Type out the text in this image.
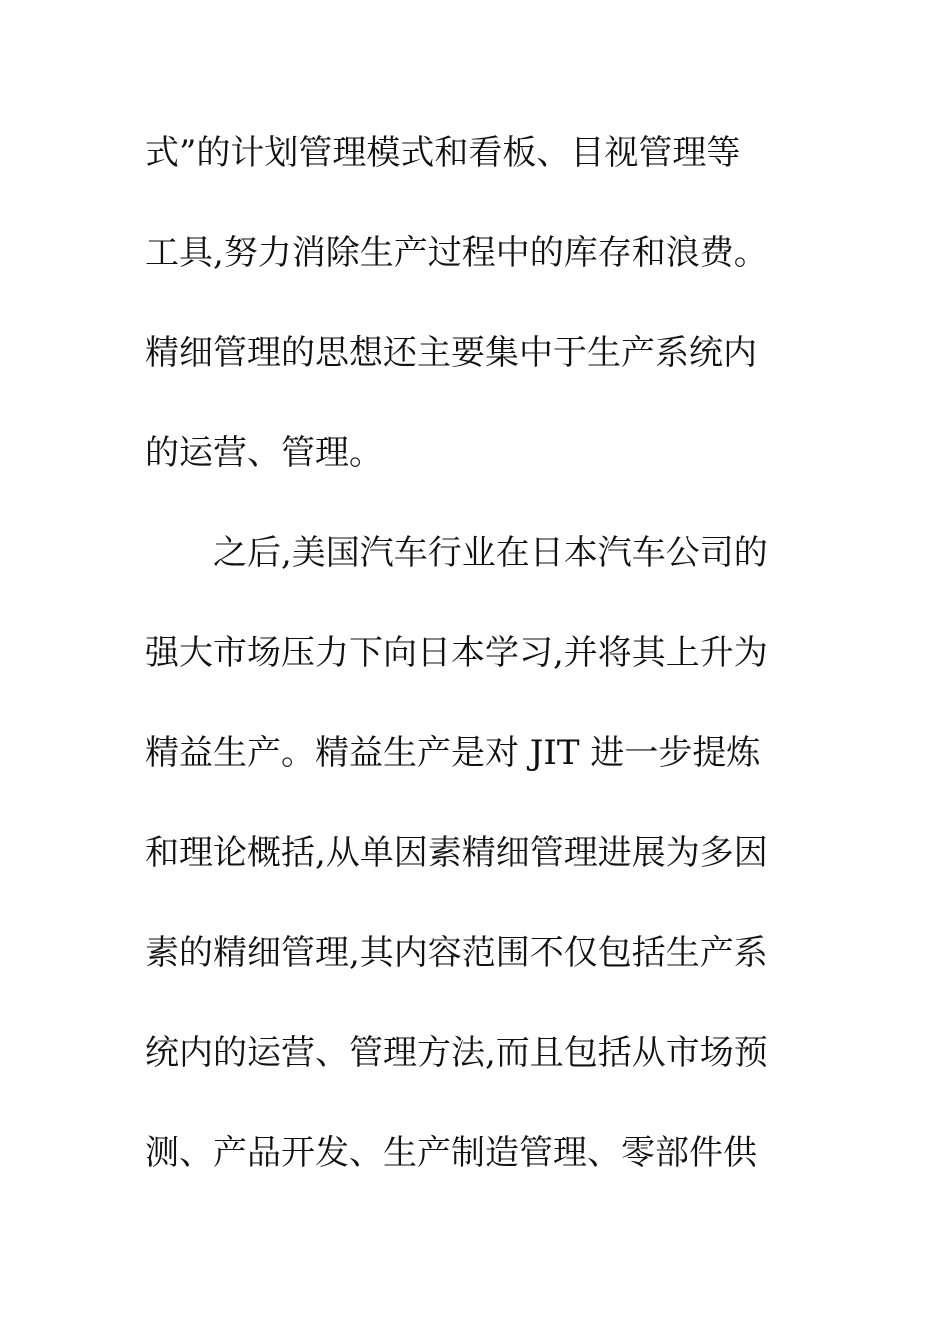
式”的计划管理模式和看板、目视管理等
工具,努力消除生产过程中的库存和浪费。
精细管理的思想还主要集中于生产系统内
的运营、管理。
　　之后,美国汽车行业在日本汽车公司的
强大市场压力下向日本学习,并将其上升为
精益生产。精益生产是对 JIT 进一步提炼
和理论概括,从单因素精细管理进展为多因
素的精细管理,其内容范围不仅包括生产系
统内的运营、管理方法,而且包括从市场预
测、产品开发、生产制造管理、零部件供
